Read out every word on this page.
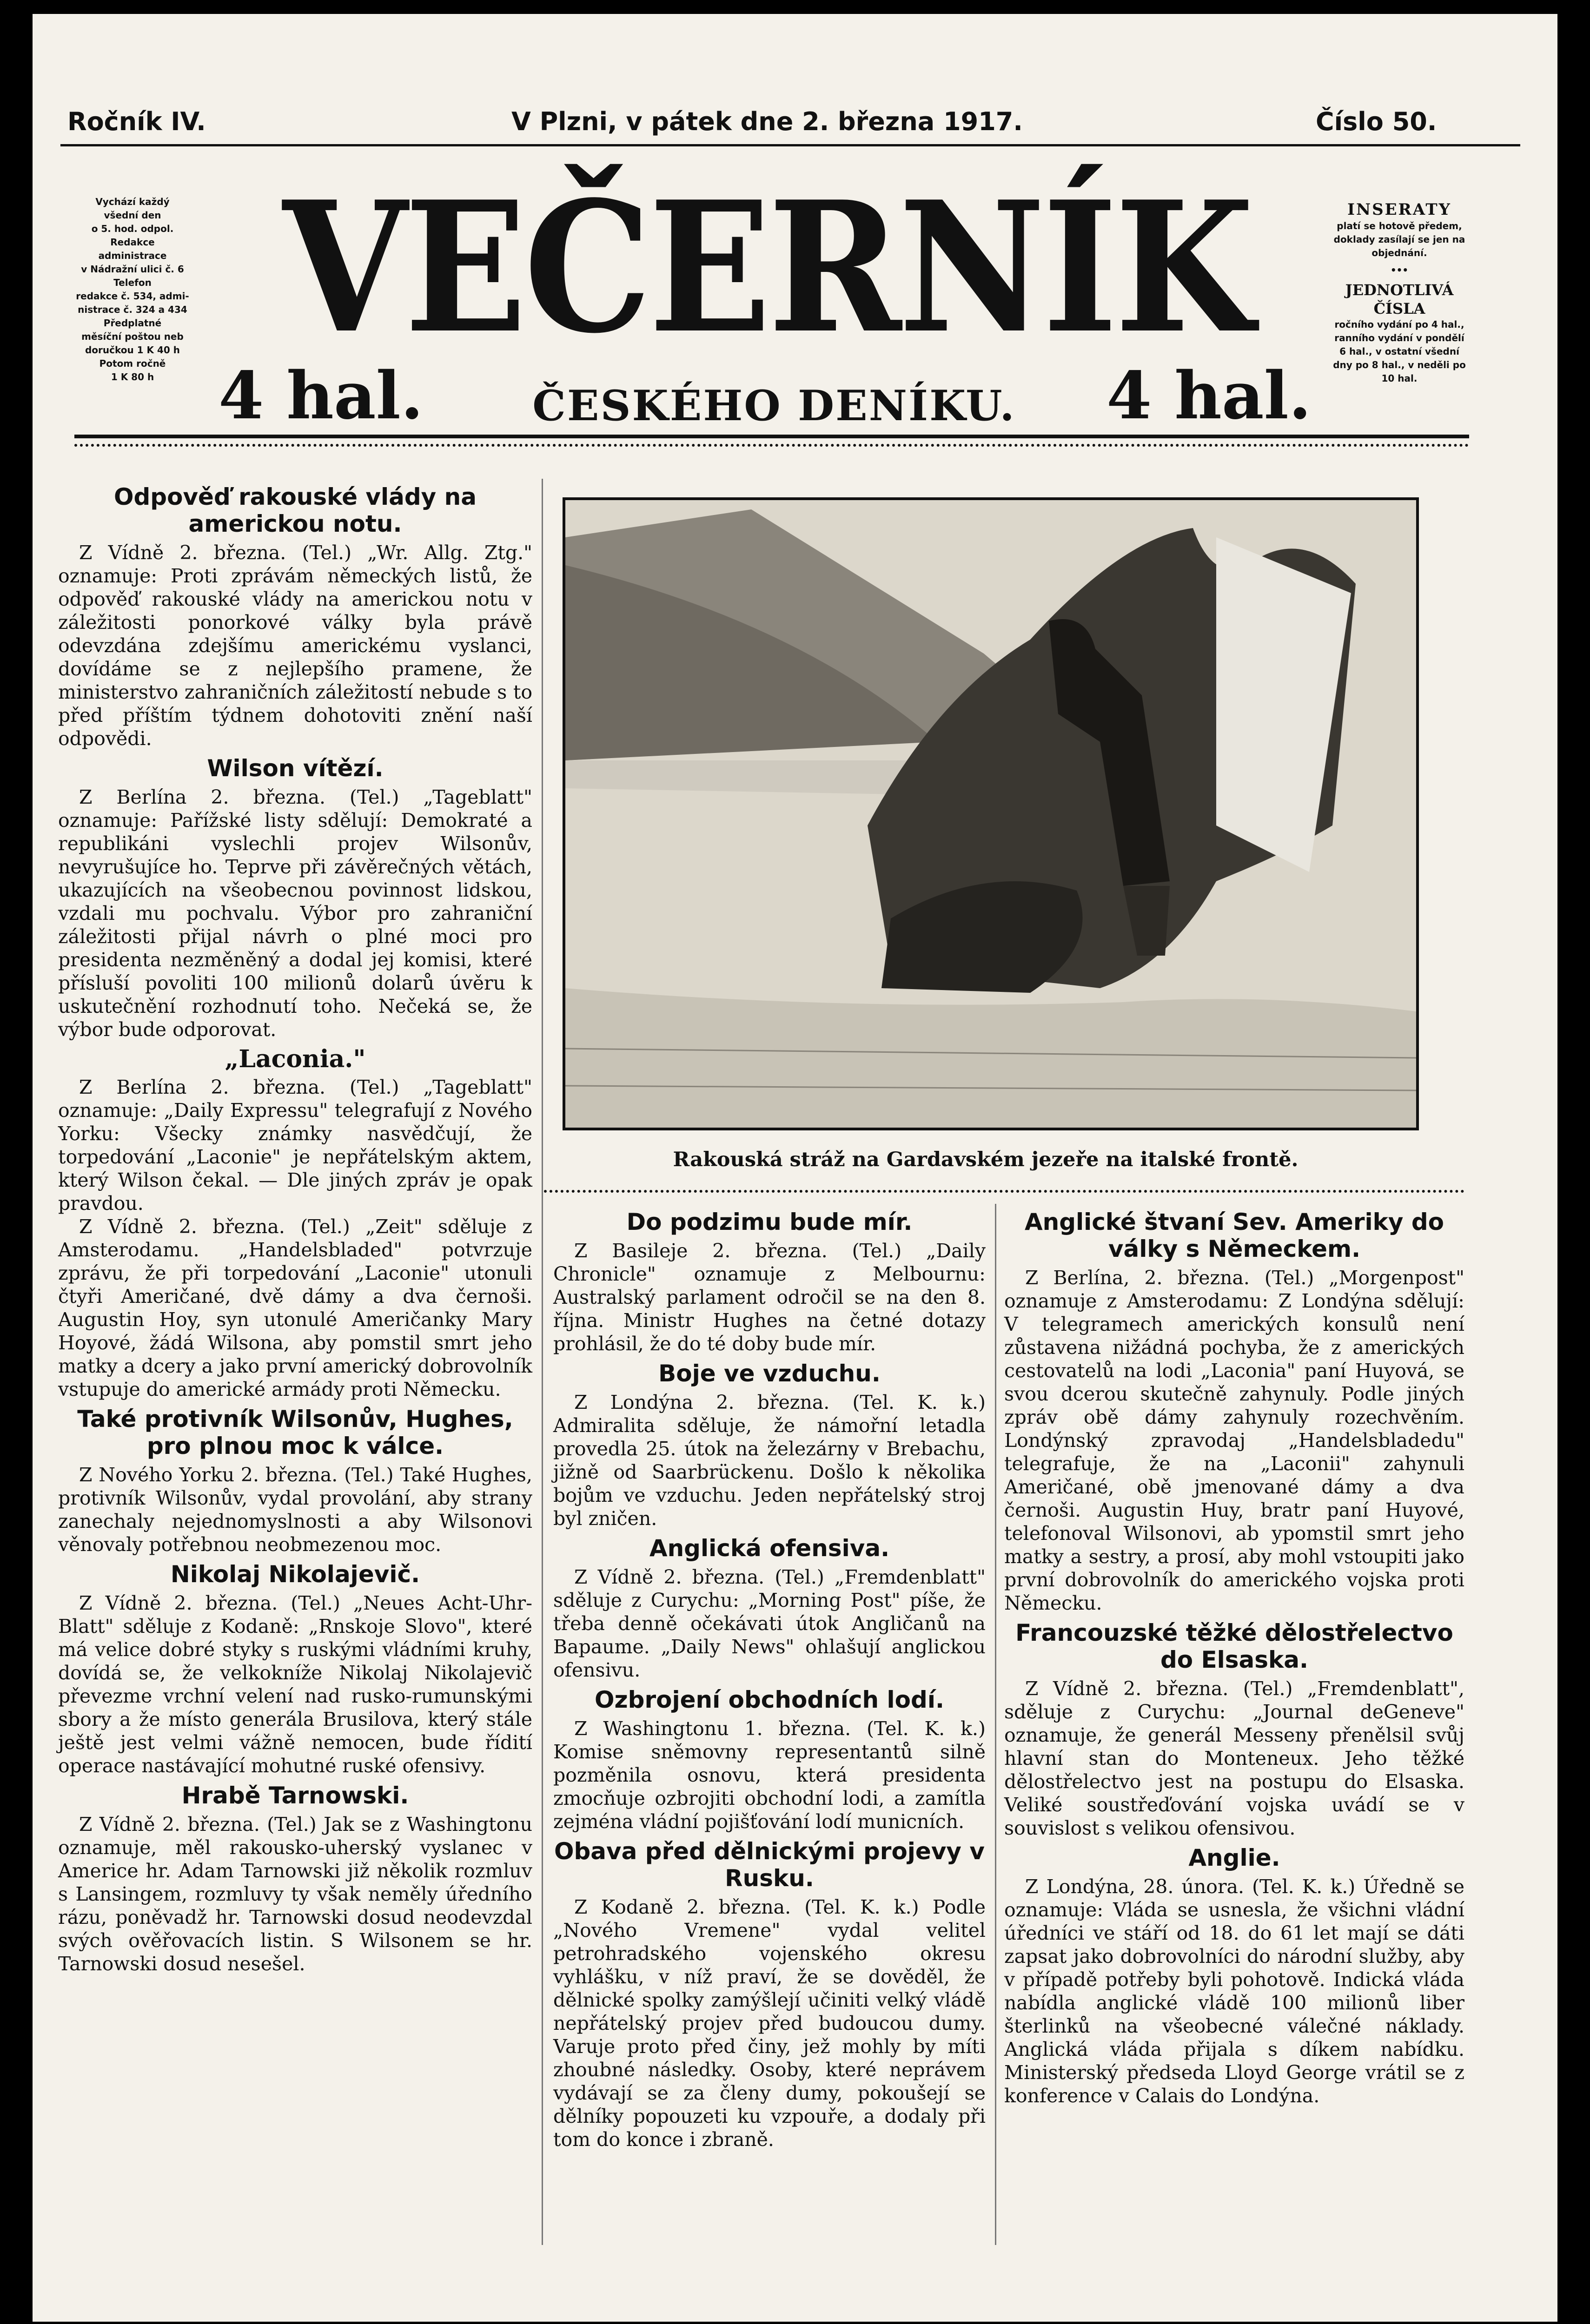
Ročník IV.	V Plzni, v pátek dne 2. března 1917.	Číslo 50.
Vychází každý
všední den
o 5. hod. odpol.
Redakce
administrace
v Nádražní ulici č. 6
Telefon
redakce č. 534, admi-
nistrace č. 324 a 434
Předplatné
měsíční poštou neb
doručkou 1 K 40 h
Potom ročně
1 K 80 h
VEČERNÍK
4 hal.	ČESKÉHO DENÍKU.	4 hal.
INSERATY
platí se hotově předem, doklady zasílají se jen na objednání.
•••
JEDNOTLIVÁ ČÍSLA
ročního vydání po 4 hal., ranního vydání v pondělí 6 hal., v ostatní všední dny po 8 hal., v neděli po 10 hal.
Odpověď rakouské vlády na americkou notu.

Z Vídně 2. března. (Tel.) „Wr. Allg. Ztg." oznamuje: Proti zprávám německých listů, že odpověď rakouské vlády na americkou notu v záležitosti ponorkové války byla právě odevzdána zdejšímu americkému vyslanci, dovídáme se z nejlepšího pramene, že ministerstvo zahraničních záležitostí nebude s to před příštím týdnem dohotoviti znění naší odpovědi.

Wilson vítězí.

Z Berlína 2. března. (Tel.) „Tageblatt" oznamuje: Pařížské listy sdělují: Demokraté a republikáni vyslechli projev Wilsonův, nevyrušujíce ho. Teprve při závěrečných větách, ukazujících na všeobecnou povinnost lidskou, vzdali mu pochvalu. Výbor pro zahraniční záležitosti přijal návrh o plné moci pro presidenta nezměněný a dodal jej komisi, které přísluší povoliti 100 milionů dolarů úvěru k uskutečnění rozhodnutí toho. Nečeká se, že výbor bude odporovat.

„Laconia."

Z Berlína 2. března. (Tel.) „Tageblatt" oznamuje: „Daily Expressu" telegrafují z Nového Yorku: Všecky známky nasvědčují, že torpedování „Laconie" je nepřátelským aktem, který Wilson čekal. — Dle jiných zpráv je opak pravdou.

Z Vídně 2. března. (Tel.) „Zeit" sděluje z Amsterodamu. „Handelsbladed" potvrzuje zprávu, že při torpedování „Laconie" utonuli čtyři Američané, dvě dámy a dva černoši. Augustin Hoy, syn utonulé Američanky Mary Hoyové, žádá Wilsona, aby pomstil smrt jeho matky a dcery a jako první americký dobrovolník vstupuje do americké armády proti Německu.

Také protivník Wilsonův, Hughes, pro plnou moc k válce.

Z Nového Yorku 2. března. (Tel.) Také Hughes, protivník Wilsonův, vydal provolání, aby strany zanechaly nejednomyslnosti a aby Wilsonovi věnovaly potřebnou neobmezenou moc.

Nikolaj Nikolajevič.

Z Vídně 2. března. (Tel.) „Neues Acht-Uhr-Blatt" sděluje z Kodaně: „Rnskoje Slovo", které má velice dobré styky s ruskými vládními kruhy, dovídá se, že velkokníže Nikolaj Nikolajevič převezme vrchní velení nad rusko-rumunskými sbory a že místo generála Brusilova, který stále ještě jest velmi vážně nemocen, bude řídití operace nastávající mohutné ruské ofensivy.

Hrabě Tarnowski.

Z Vídně 2. března. (Tel.) Jak se z Washingtonu oznamuje, měl rakousko-uherský vyslanec v Americe hr. Adam Tarnowski již několik rozmluv s Lansingem, rozmluvy ty však neměly úředního rázu, poněvadž hr. Tarnowski dosud neodevzdal svých ověřovacích listin. S Wilsonem se hr. Tarnowski dosud nesešel.

Rakouská stráž na Gardavském jezeře na italské frontě.
Do podzimu bude mír.

Z Basileje 2. března. (Tel.) „Daily Chronicle" oznamuje z Melbournu: Australský parlament odročil se na den 8. října. Ministr Hughes na četné dotazy prohlásil, že do té doby bude mír.

Boje ve vzduchu.

Z Londýna 2. března. (Tel. K. k.) Admiralita sděluje, že námořní letadla provedla 25. útok na železárny v Brebachu, jižně od Saarbrückenu. Došlo k několika bojům ve vzduchu. Jeden nepřátelský stroj byl zničen.

Anglická ofensiva.

Z Vídně 2. března. (Tel.) „Fremdenblatt" sděluje z Curychu: „Morning Post" píše, že třeba denně očekávati útok Angličanů na Bapaume. „Daily News" ohlašují anglickou ofensivu.

Ozbrojení obchodních lodí.

Z Washingtonu 1. března. (Tel. K. k.) Komise sněmovny representantů silně pozměnila osnovu, která presidenta zmocňuje ozbrojiti obchodní lodi, a zamítla zejména vládní pojišťování lodí municních.

Obava před dělnickými projevy v Rusku.

Z Kodaně 2. března. (Tel. K. k.) Podle „Nového Vremene" vydal velitel petrohradského vojenského okresu vyhlášku, v níž praví, že se dověděl, že dělnické spolky zamýšlejí učiniti velký vládě nepřátelský projev před budoucou dumy. Varuje proto před činy, jež mohly by míti zhoubné následky. Osoby, které neprávem vydávají se za členy dumy, pokoušejí se dělníky popouzeti ku vzpouře, a dodaly při tom do konce i zbraně.

Anglické štvaní Sev. Ameriky do války s Německem.

Z Berlína, 2. března. (Tel.) „Morgenpost" oznamuje z Amsterodamu: Z Londýna sdělují: V telegramech amerických konsulů není zůstavena nižádná pochyba, že z amerických cestovatelů na lodi „Laconia" paní Huyová, se svou dcerou skutečně zahynuly. Podle jiných zpráv obě dámy zahynuly rozechvěním. Londýnský zpravodaj „Handelsbladedu" telegrafuje, že na „Laconii" zahynuli Američané, obě jmenované dámy a dva černoši. Augustin Huy, bratr paní Huyové, telefonoval Wilsonovi, ab ypomstil smrt jeho matky a sestry, a prosí, aby mohl vstoupiti jako první dobrovolník do amerického vojska proti Německu.

Francouzské těžké dělostřelectvo do Elsaska.

Z Vídně 2. března. (Tel.) „Fremdenblatt", sděluje z Curychu: „Journal deGeneve" oznamuje, že generál Messeny přenělsil svůj hlavní stan do Monteneux. Jeho těžké dělostřelectvo jest na postupu do Elsaska. Veliké soustřeďování vojska uvádí se v souvislost s velikou ofensivou.

Anglie.

Z Londýna, 28. února. (Tel. K. k.) Úředně se oznamuje: Vláda se usnesla, že všichni vládní úředníci ve stáří od 18. do 61 let mají se dáti zapsat jako dobrovolníci do národní služby, aby v případě potřeby byli pohotově. Indická vláda nabídla anglické vládě 100 milionů liber šterlinků na všeobecné válečné náklady. Anglická vláda přijala s díkem nabídku. Ministerský předseda Lloyd George vrátil se z konference v Calais do Londýna.
